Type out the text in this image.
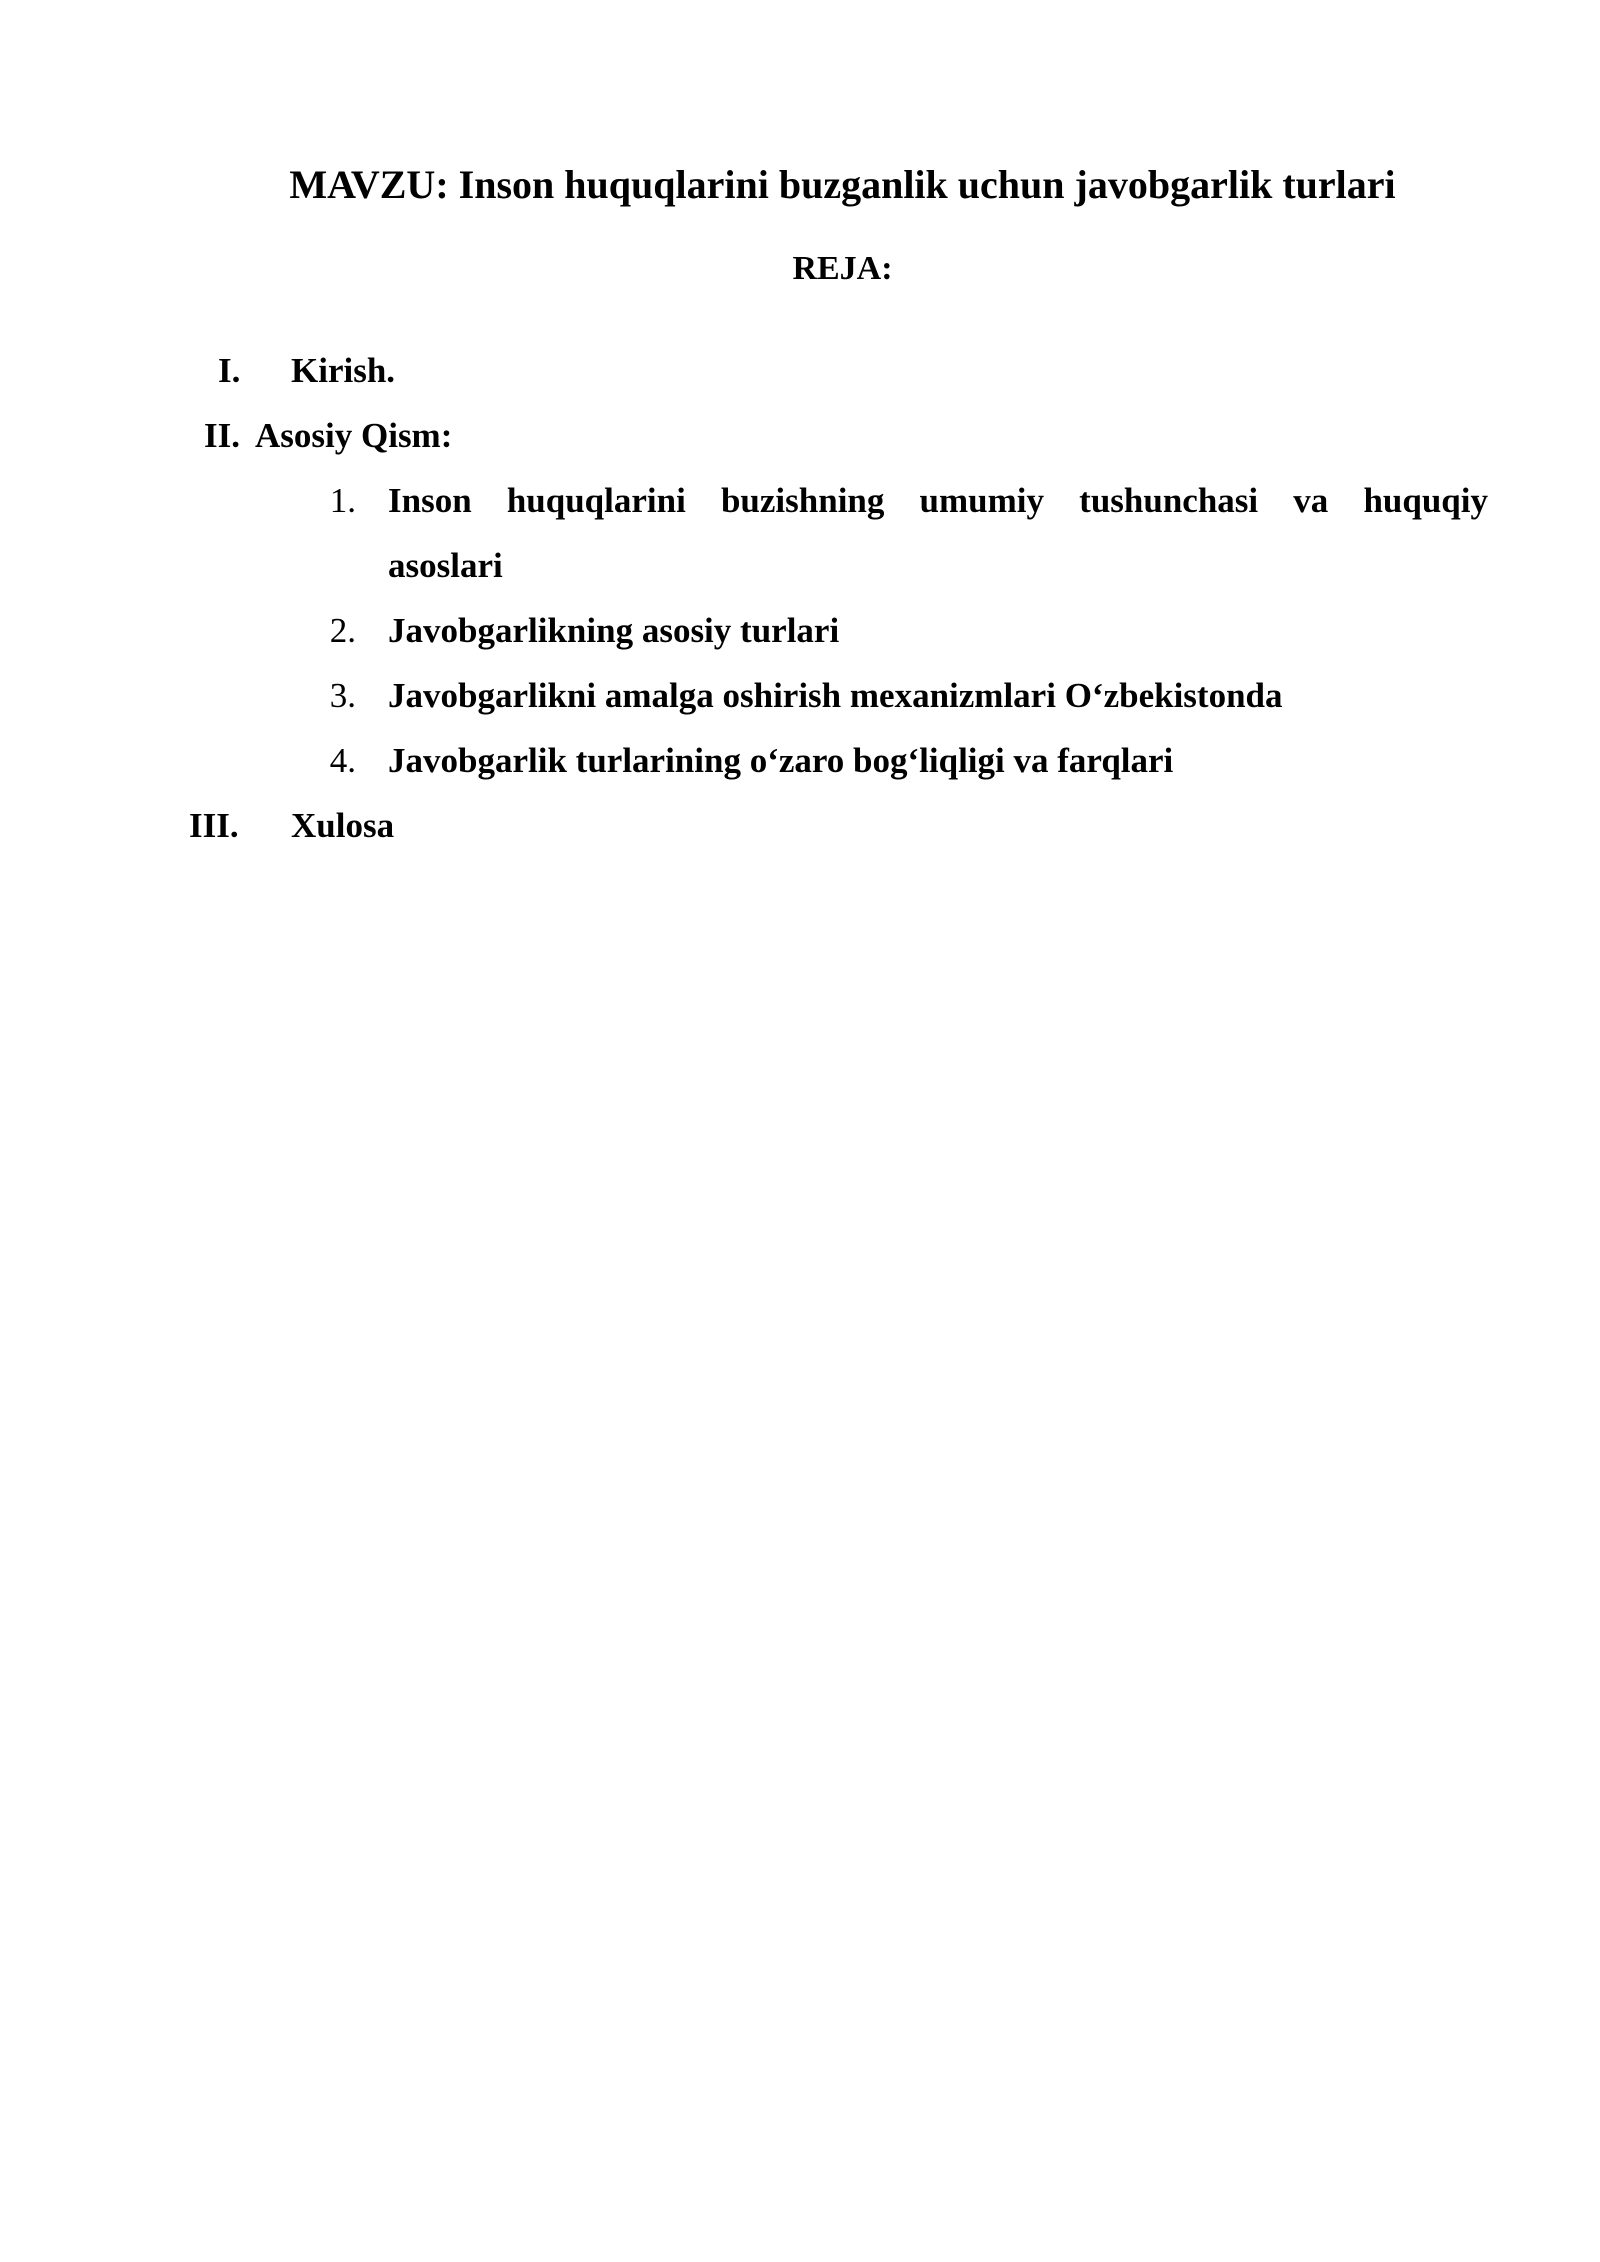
MAVZU: Inson huquqlarini buzganlik uchun javobgarlik turlari
REJA:
I. Kirish.
II. Asosiy Qism:
1. Inson huquqlarini buzishning umumiy tushunchasi va huquqiy
asoslari
2. Javobgarlikning asosiy turlari
3. Javobgarlikni amalga oshirish mexanizmlari O‘zbekistonda
4. Javobgarlik turlarining o‘zaro bog‘liqligi va farqlari
III. Xulosa
